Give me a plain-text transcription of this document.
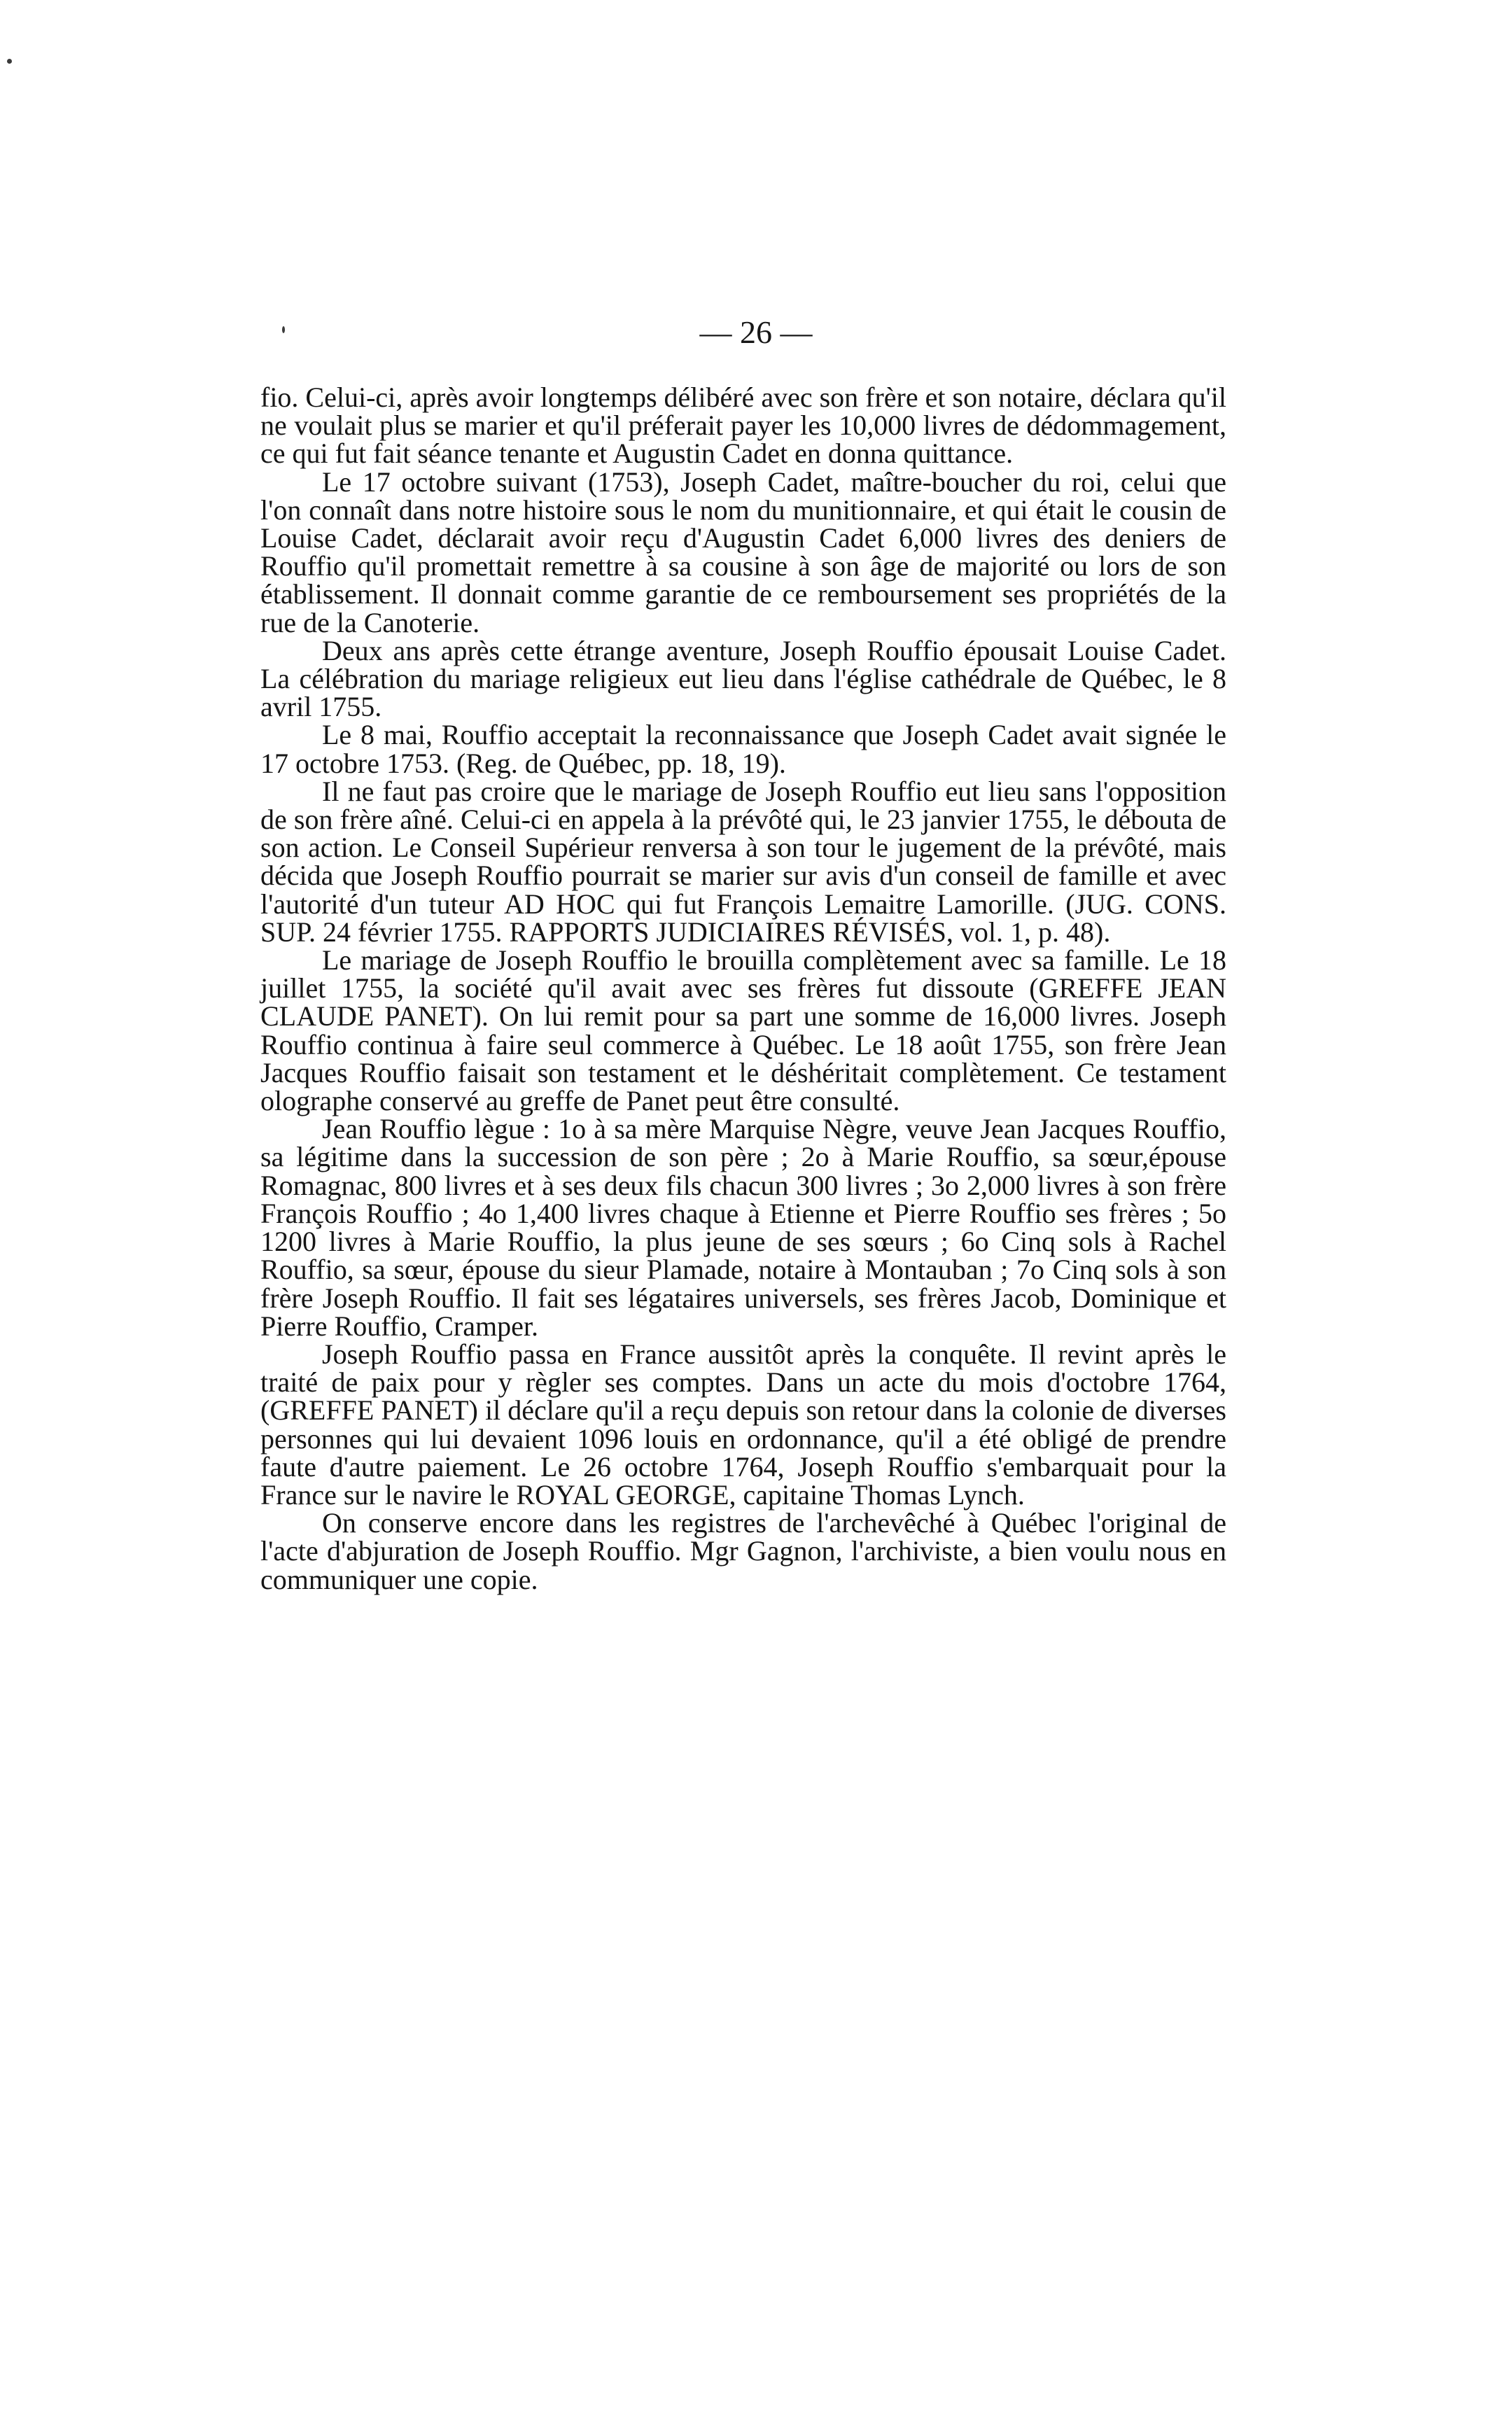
— 26 —

fio. Celui-ci, après avoir longtemps délibéré avec son frère et son notaire, déclara qu'il ne voulait plus se marier et qu'il préferait payer les 10,000 livres de dédommagement, ce qui fut fait séance tenante et Augustin Cadet en donna quittance.

Le 17 octobre suivant (1753), Joseph Cadet, maître-boucher du roi, celui que l'on connaît dans notre histoire sous le nom du munitionnaire, et qui était le cousin de Louise Cadet, déclarait avoir reçu d'Augustin Cadet 6,000 livres des deniers de Rouffio qu'il promettait remettre à sa cousine à son âge de majorité ou lors de son établissement. Il donnait comme garantie de ce remboursement ses propriétés de la rue de la Canoterie.

Deux ans après cette étrange aventure, Joseph Rouffio épousait Louise Cadet. La célébration du mariage religieux eut lieu dans l'église cathédrale de Québec, le 8 avril 1755.

Le 8 mai, Rouffio acceptait la reconnaissance que Joseph Cadet avait signée le 17 octobre 1753. (Reg. de Québec, pp. 18, 19).

Il ne faut pas croire que le mariage de Joseph Rouffio eut lieu sans l'opposition de son frère aîné. Celui-ci en appela à la prévôté qui, le 23 janvier 1755, le débouta de son action. Le Conseil Supérieur renversa à son tour le jugement de la prévôté, mais décida que Joseph Rouffio pourrait se marier sur avis d'un conseil de famille et avec l'autorité d'un tuteur AD HOC qui fut François Lemaitre Lamorille. (JUG. CONS. SUP. 24 février 1755. RAPPORTS JUDICIAIRES RÉVISÉS, vol. 1, p. 48).

Le mariage de Joseph Rouffio le brouilla complètement avec sa famille. Le 18 juillet 1755, la société qu'il avait avec ses frères fut dissoute (GREFFE JEAN CLAUDE PANET). On lui remit pour sa part une somme de 16,000 livres. Joseph Rouffio continua à faire seul commerce à Québec. Le 18 août 1755, son frère Jean Jacques Rouffio faisait son testament et le déshéritait complètement. Ce testament olographe conservé au greffe de Panet peut être consulté.

Jean Rouffio lègue : 1o à sa mère Marquise Nègre, veuve Jean Jacques Rouffio, sa légitime dans la succession de son père ; 2o à Marie Rouffio, sa sœur,épouse Romagnac, 800 livres et à ses deux fils chacun 300 livres ; 3o 2,000 livres à son frère François Rouffio ; 4o 1,400 livres chaque à Etienne et Pierre Rouffio ses frères ; 5o 1200 livres à Marie Rouffio, la plus jeune de ses sœurs ; 6o Cinq sols à Rachel Rouffio, sa sœur, épouse du sieur Plamade, notaire à Montauban ; 7o Cinq sols à son frère Joseph Rouffio. Il fait ses légataires universels, ses frères Jacob, Dominique et Pierre Rouffio, Cramper.

Joseph Rouffio passa en France aussitôt après la conquête. Il revint après le traité de paix pour y règler ses comptes. Dans un acte du mois d'octobre 1764, (GREFFE PANET) il déclare qu'il a reçu depuis son retour dans la colonie de diverses personnes qui lui devaient 1096 louis en ordonnance, qu'il a été obligé de prendre faute d'autre paiement. Le 26 octobre 1764, Joseph Rouffio s'embarquait pour la France sur le navire le ROYAL GEORGE, capitaine Thomas Lynch.

On conserve encore dans les registres de l'archevêché à Québec l'original de l'acte d'abjuration de Joseph Rouffio. Mgr Gagnon, l'archiviste, a bien voulu nous en communiquer une copie.
